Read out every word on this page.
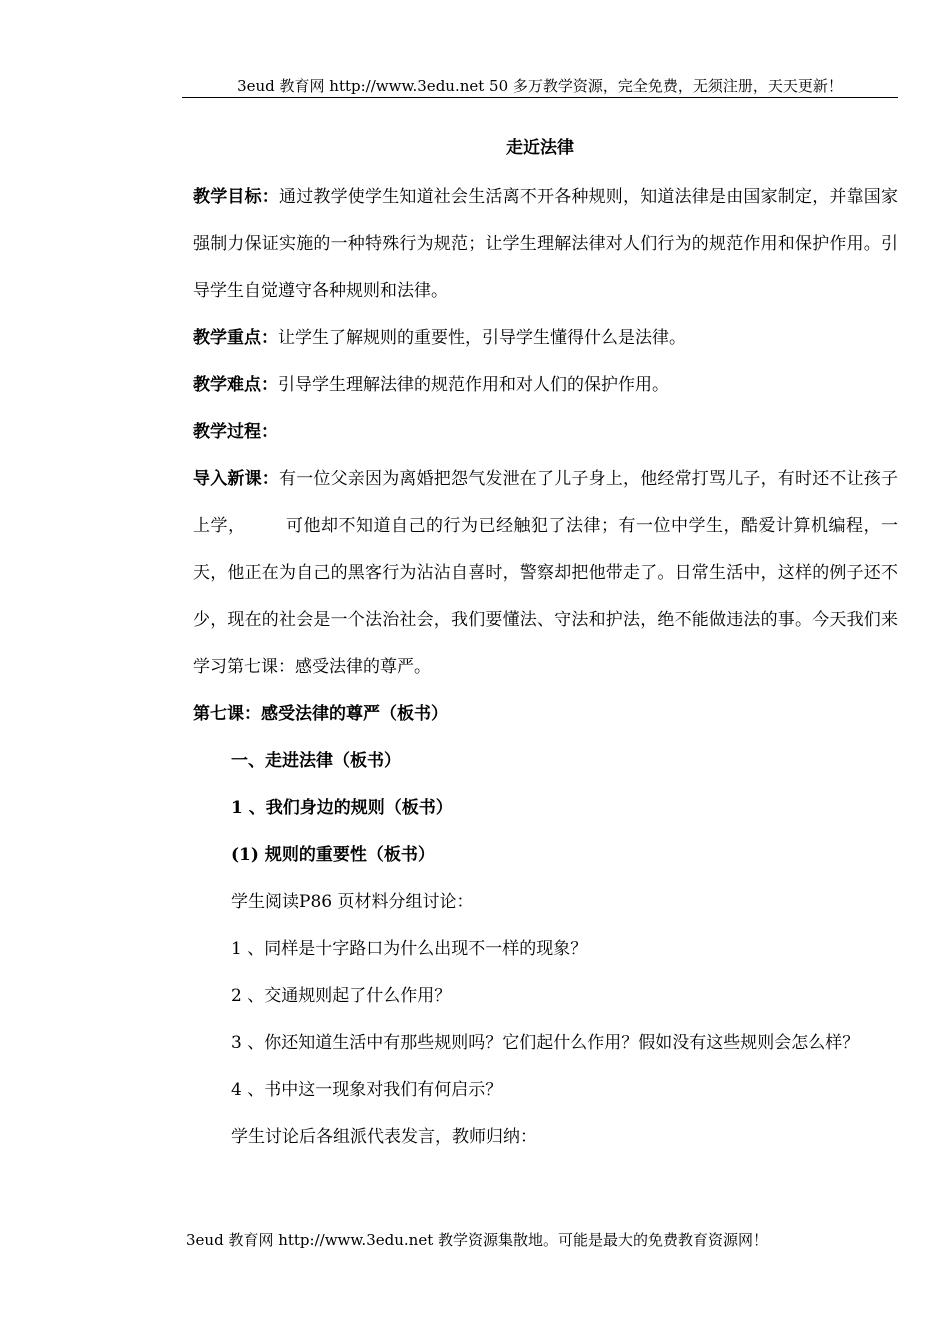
3eud 教育网 http://www.3edu.net 50 多万教学资源，完全免费，无须注册，天天更新！
走近法律

教学目标：通过教学使学生知道社会生活离不开各种规则，知道法律是由国家制定，并靠国家强制力保证实施的一种特殊行为规范；让学生理解法律对人们行为的规范作用和保护作用。引导学生自觉遵守各种规则和法律。

教学重点：让学生了解规则的重要性，引导学生懂得什么是法律。

教学难点：引导学生理解法律的规范作用和对人们的保护作用。

教学过程：

导入新课：有一位父亲因为离婚把怨气发泄在了儿子身上，他经常打骂儿子，有时还不让孩子上学， 可他却不知道自己的行为已经触犯了法律；有一位中学生，酷爱计算机编程，一天，他正在为自己的黑客行为沾沾自喜时，警察却把他带走了。日常生活中，这样的例子还不少，现在的社会是一个法治社会，我们要懂法、守法和护法，绝不能做违法的事。今天我们来学习第七课：感受法律的尊严。

第七课：感受法律的尊严（板书）

一、走进法律（板书）

1 、我们身边的规则（板书）

(1) 规则的重要性（板书）

学生阅读P86 页材料分组讨论：

1 、同样是十字路口为什么出现不一样的现象？

2 、交通规则起了什么作用？

3 、你还知道生活中有那些规则吗？它们起什么作用？假如没有这些规则会怎么样？

4 、书中这一现象对我们有何启示？

学生讨论后各组派代表发言，教师归纳：

3eud 教育网 http://www.3edu.net 教学资源集散地。可能是最大的免费教育资源网！
